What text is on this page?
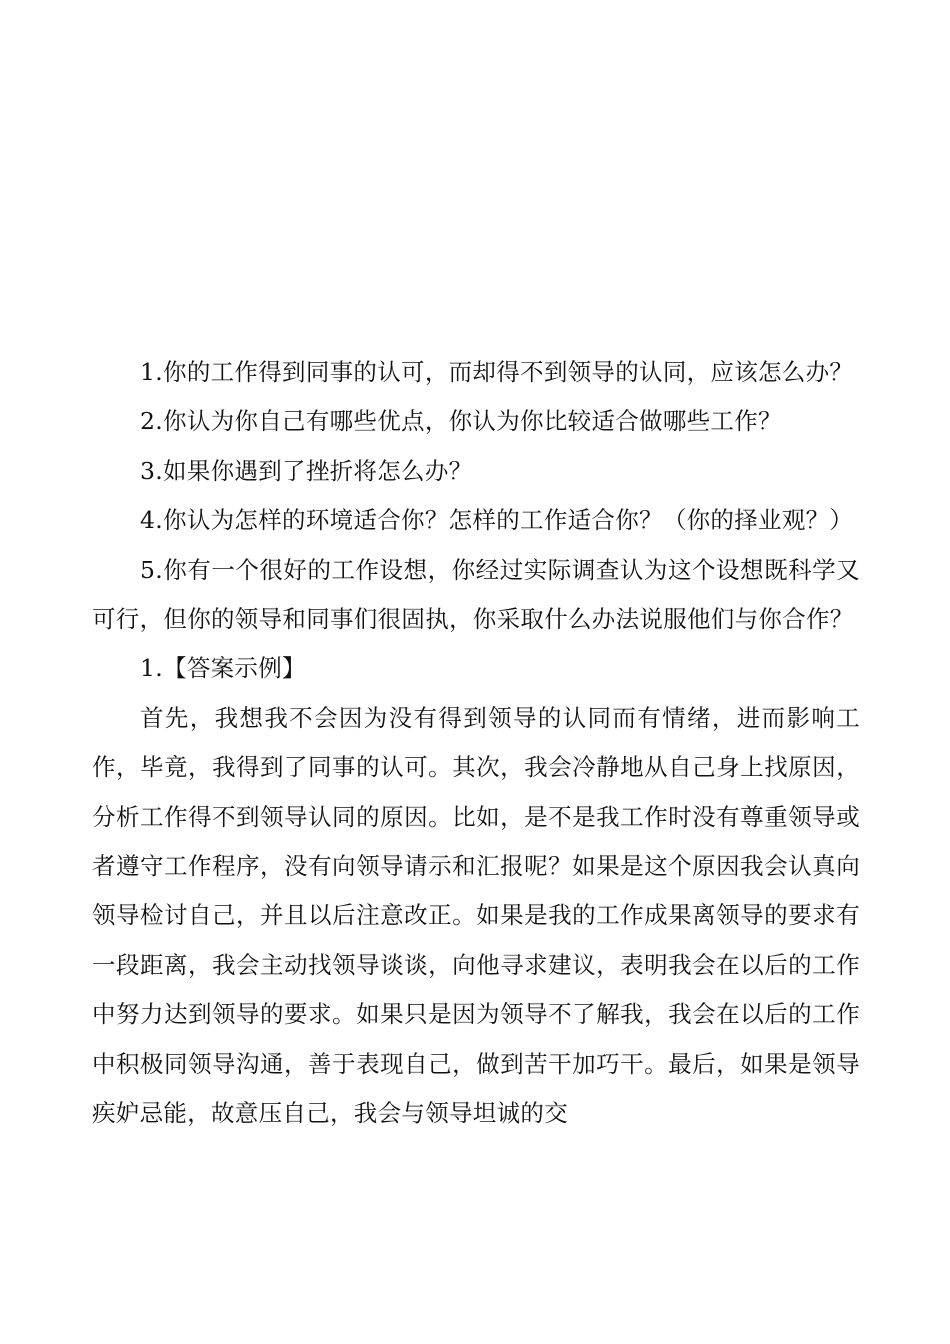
1.你的工作得到同事的认可，而却得不到领导的认同，应该怎么办？

2.你认为你自己有哪些优点，你认为你比较适合做哪些工作？

3.如果你遇到了挫折将怎么办？

4.你认为怎样的环境适合你？怎样的工作适合你？（你的择业观？）

5.你有一个很好的工作设想，你经过实际调查认为这个设想既科学又可行，但你的领导和同事们很固执，你采取什么办法说服他们与你合作？

1.【答案示例】

首先，我想我不会因为没有得到领导的认同而有情绪，进而影响工作，毕竟，我得到了同事的认可。其次，我会冷静地从自己身上找原因，分析工作得不到领导认同的原因。比如，是不是我工作时没有尊重领导或者遵守工作程序，没有向领导请示和汇报呢？如果是这个原因我会认真向领导检讨自己，并且以后注意改正。如果是我的工作成果离领导的要求有一段距离，我会主动找领导谈谈，向他寻求建议，表明我会在以后的工作中努力达到领导的要求。如果只是因为领导不了解我，我会在以后的工作中积极同领导沟通，善于表现自己，做到苦干加巧干。最后，如果是领导疾妒忌能，故意压自己，我会与领导坦诚的交
